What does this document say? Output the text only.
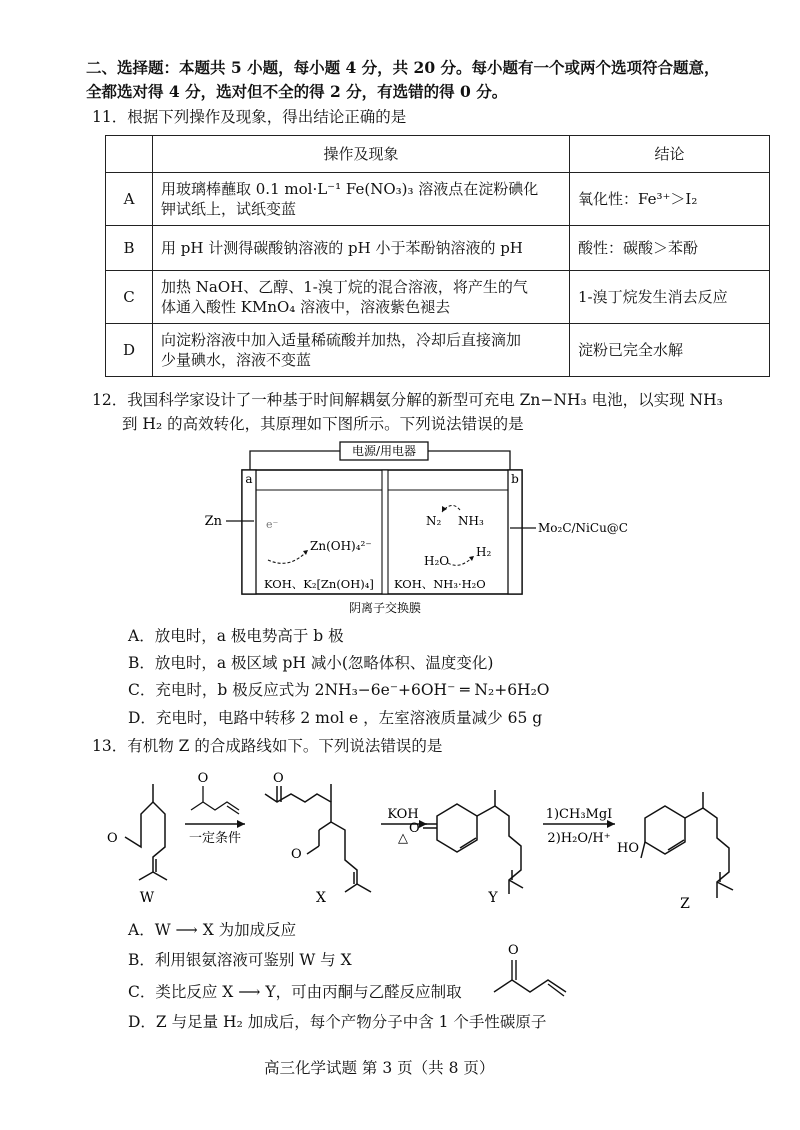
二、选择题：本题共 5 小题，每小题 4 分，共 20 分。每小题有一个或两个选项符合题意，
全都选对得 4 分，选对但不全的得 2 分，有选错的得 0 分。
11．根据下列操作及现象，得出结论正确的是
	操作及现象	结论
A	用玻璃棒蘸取 0.1 mol·L⁻¹ Fe(NO₃)₃ 溶液点在淀粉碘化
钾试纸上，试纸变蓝	氧化性：Fe³⁺＞I₂
B	用 pH 计测得碳酸钠溶液的 pH 小于苯酚钠溶液的 pH	酸性：碳酸＞苯酚
C	加热 NaOH、乙醇、1-溴丁烷的混合溶液，将产生的气
体通入酸性 KMnO₄ 溶液中，溶液紫色褪去	1-溴丁烷发生消去反应
D	向淀粉溶液中加入适量稀硫酸并加热，冷却后直接滴加
少量碘水，溶液不变蓝	淀粉已完全水解
12．我国科学家设计了一种基于时间解耦氨分解的新型可充电 Zn−NH₃ 电池，以实现 NH₃
到 H₂ 的高效转化，其原理如下图所示。下列说法错误的是
电源/用电器
a	b
Zn	Mo₂C/NiCu@C
e⁻
Zn(OH)₄²⁻
N₂ NH₃
H₂O
H₂
KOH、K₂[Zn(OH)₄] KOH、NH₃·H₂O
阴离子交换膜
A．放电时，a 极电势高于 b 极
B．放电时，a 极区域 pH 减小(忽略体积、温度变化)
C．充电时，b 极反应式为 2NH₃−6e⁻+6OH⁻ ═ N₂+6H₂O
D．充电时，电路中转移 2 mol e ，左室溶液质量减少 65 g
13．有机物 Z 的合成路线如下。下列说法错误的是
O
一定条件
KOH
△
1)CH₃MgI
2)H₂O/H⁺
O
O
O
O
HO
W	X	Y	Z
A．W ⟶ X 为加成反应
B．利用银氨溶液可鉴别 W 与 X
C．类比反应 X ⟶ Y，可由丙酮与乙醛反应制取
D．Z 与足量 H₂ 加成后，每个产物分子中含 1 个手性碳原子
O
高三化学试题 第 3 页（共 8 页）
